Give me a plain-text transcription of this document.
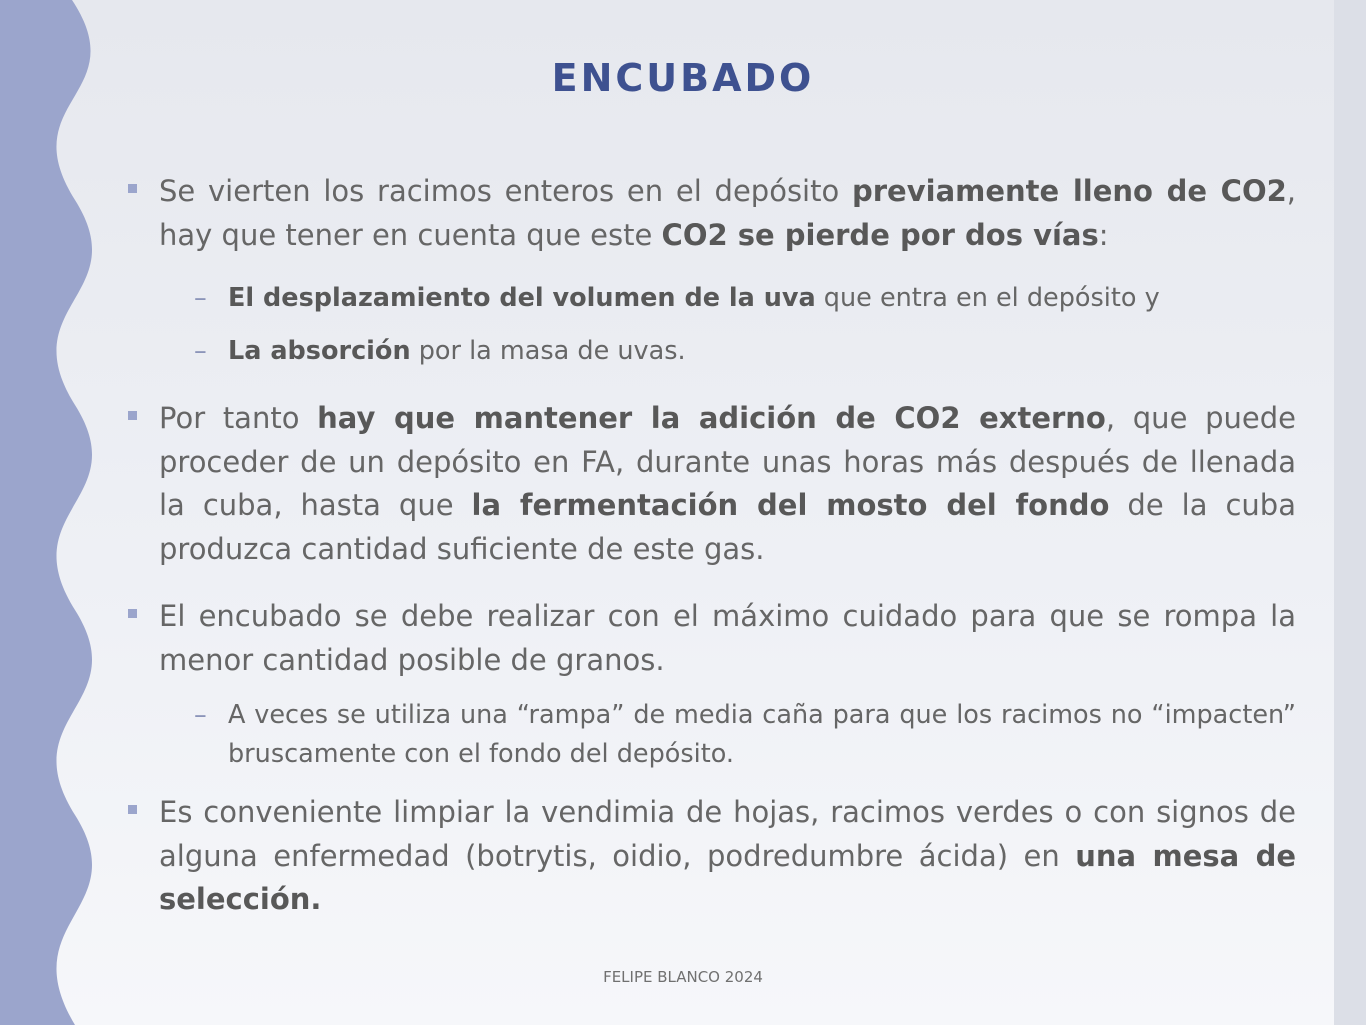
ENCUBADO
Se vierten los racimos enteros en el depósito previamente lleno de CO2, hay que tener en cuenta que este CO2 se pierde por dos vías:
– El desplazamiento del volumen de la uva que entra en el depósito y
– La absorción por la masa de uvas.
Por tanto hay que mantener la adición de CO2 externo, que puede proceder de un depósito en FA, durante unas horas más después de llenada la cuba, hasta que la fermentación del mosto del fondo de la cuba produzca cantidad suficiente de este gas.
El encubado se debe realizar con el máximo cuidado para que se rompa la menor cantidad posible de granos.
– A veces se utiliza una “rampa” de media caña para que los racimos no “impacten” bruscamente con el fondo del depósito.
Es conveniente limpiar la vendimia de hojas, racimos verdes o con signos de alguna enfermedad (botrytis, oidio, podredumbre ácida) en una mesa de selección.
FELIPE BLANCO 2024
